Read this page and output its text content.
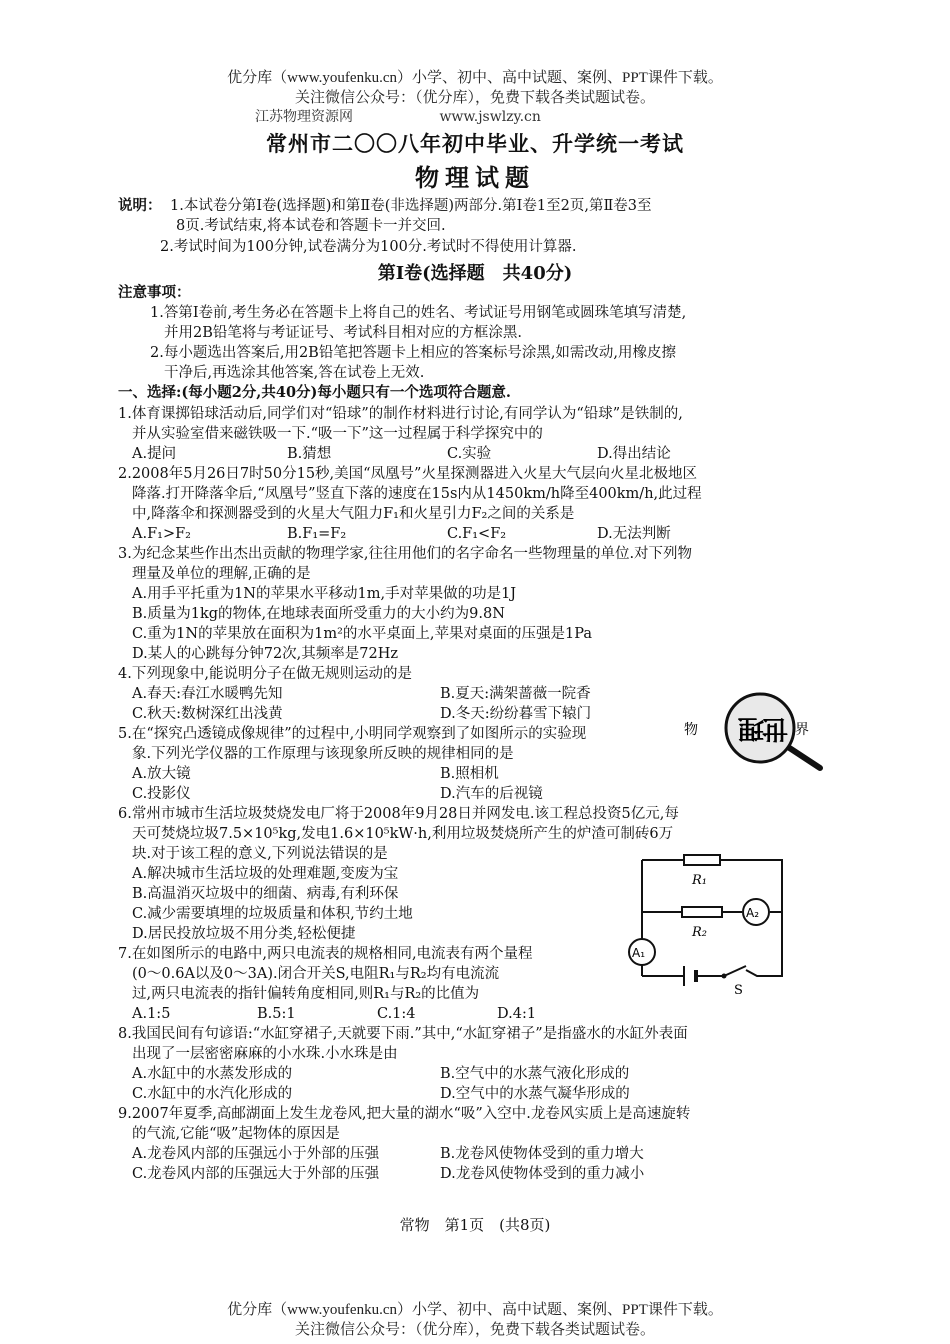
优分库（www.youfenku.cn）小学、初中、高中试题、案例、PPT课件下载。
关注微信公众号：（优分库），免费下载各类试题试卷。
江苏物理资源网	www.jswlzy.cn
常州市二〇〇八年初中毕业、升学统一考试
物理试题
说明： 1.本试卷分第Ⅰ卷(选择题)和第Ⅱ卷(非选择题)两部分.第Ⅰ卷1至2页,第Ⅱ卷3至
8页.考试结束,将本试卷和答题卡一并交回.
2.考试时间为100分钟,试卷满分为100分.考试时不得使用计算器.
第Ⅰ卷(选择题　共40分)
注意事项：
1.答第Ⅰ卷前,考生务必在答题卡上将自己的姓名、考试证号用钢笔或圆珠笔填写清楚,
并用2B铅笔将与考证证号、考试科目相对应的方框涂黑.
2.每小题选出答案后,用2B铅笔把答题卡上相应的答案标号涂黑,如需改动,用橡皮擦
干净后,再选涂其他答案,答在试卷上无效.
一、选择:(每小题2分,共40分)每小题只有一个选项符合题意.
1.体育课掷铅球活动后,同学们对“铅球”的制作材料进行讨论,有同学认为“铅球”是铁制的,
并从实验室借来磁铁吸一下.“吸一下”这一过程属于科学探究中的
A.提问	B.猜想	C.实验	D.得出结论
2.2008年5月26日7时50分15秒,美国“凤凰号”火星探测器进入火星大气层向火星北极地区
降落.打开降落伞后,“凤凰号”竖直下落的速度在15s内从1450km/h降至400km/h,此过程
中,降落伞和探测器受到的火星大气阻力F₁和火星引力F₂之间的关系是
A.F₁>F₂	B.F₁=F₂	C.F₁<F₂	D.无法判断
3.为纪念某些作出杰出贡献的物理学家,往往用他们的名字命名一些物理量的单位.对下列物
理量及单位的理解,正确的是
A.用手平托重为1N的苹果水平移动1m,手对苹果做的功是1J
B.质量为1kg的物体,在地球表面所受重力的大小约为9.8N
C.重为1N的苹果放在面积为1m²的水平桌面上,苹果对桌面的压强是1Pa
D.某人的心跳每分钟72次,其频率是72Hz
4.下列现象中,能说明分子在做无规则运动的是
A.春天:春江水暖鸭先知	B.夏天:满架蔷薇一院香
C.秋天:数树深红出浅黄	D.冬天:纷纷暮雪下辕门
5.在“探究凸透镜成像规律”的过程中,小明同学观察到了如图所示的实验现
象.下列光学仪器的工作原理与该现象所反映的规律相同的是
A.放大镜	B.照相机
C.投影仪	D.汽车的后视镜
物 理
世 界
6.常州市城市生活垃圾焚烧发电厂将于2008年9月28日并网发电.该工程总投资5亿元,每
天可焚烧垃圾7.5×10⁵kg,发电1.6×10⁵kW·h,利用垃圾焚烧所产生的炉渣可制砖6万
块.对于该工程的意义,下列说法错误的是
A.解决城市生活垃圾的处理难题,变废为宝
B.高温消灭垃圾中的细菌、病毒,有利环保
C.减少需要填埋的垃圾质量和体积,节约土地
D.居民投放垃圾不用分类,轻松便捷
R₁
R₂
A₂
A₁
S
7.在如图所示的电路中,两只电流表的规格相同,电流表有两个量程
(0～0.6A以及0～3A).闭合开关S,电阻R₁与R₂均有电流流
过,两只电流表的指针偏转角度相同,则R₁与R₂的比值为
A.1:5	B.5:1	C.1:4	D.4:1
8.我国民间有句谚语:“水缸穿裙子,天就要下雨.”其中,“水缸穿裙子”是指盛水的水缸外表面
出现了一层密密麻麻的小水珠.小水珠是由
A.水缸中的水蒸发形成的	B.空气中的水蒸气液化形成的
C.水缸中的水汽化形成的	D.空气中的水蒸气凝华形成的
9.2007年夏季,高邮湖面上发生龙卷风,把大量的湖水“吸”入空中.龙卷风实质上是高速旋转
的气流,它能“吸”起物体的原因是
A.龙卷风内部的压强远小于外部的压强	B.龙卷风使物体受到的重力增大
C.龙卷风内部的压强远大于外部的压强	D.龙卷风使物体受到的重力减小
常物　第1页　(共8页)
优分库（www.youfenku.cn）小学、初中、高中试题、案例、PPT课件下载。
关注微信公众号：（优分库），免费下载各类试题试卷。
